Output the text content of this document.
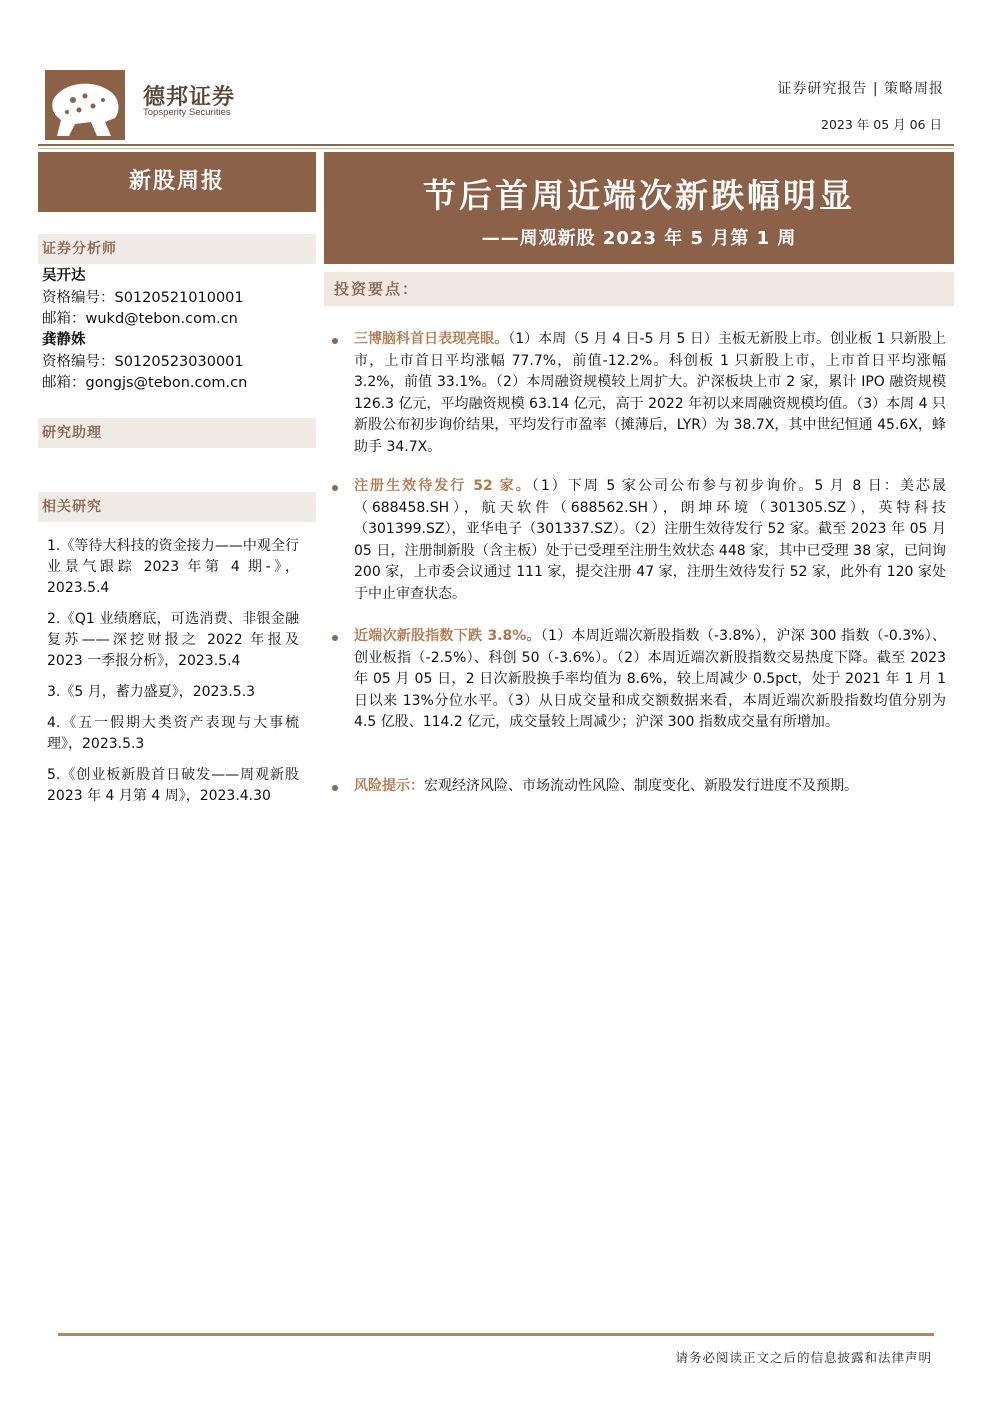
德邦证券
Topsperity Securities
证券研究报告 | 策略周报
2023 年 05 月 06 日
新股周报
证券分析师
吴开达
资格编号：S0120521010001
邮箱：wukd@tebon.com.cn
龚静姝
资格编号：S0120523030001
邮箱：gongjs@tebon.com.cn
研究助理
相关研究

1.《等待大科技的资金接力——中观全行业景气跟踪 2023 年第 4 期-》，2023.5.4

2.《Q1 业绩磨底，可选消费、非银金融复苏——深挖财报之 2022 年报及 2023 一季报分析》，2023.5.4

3.《5 月，蓄力盛夏》，2023.5.3

4.《五一假期大类资产表现与大事梳理》，2023.5.3

5.《创业板新股首日破发——周观新股 2023 年 4 月第 4 周》，2023.4.30

节后首周近端次新跌幅明显
——周观新股 2023 年 5 月第 1 周
投资要点：
三博脑科首日表现亮眼。（1）本周（5 月 4 日-5 月 5 日）主板无新股上市。创业板 1 只新股上市，上市首日平均涨幅 77.7%，前值-12.2%。科创板 1 只新股上市，上市首日平均涨幅 3.2%，前值 33.1%。（2）本周融资规模较上周扩大。沪深板块上市 2 家，累计 IPO 融资规模 126.3 亿元，平均融资规模 63.14 亿元，高于 2022 年初以来周融资规模均值。（3）本周 4 只新股公布初步询价结果，平均发行市盈率（摊薄后，LYR）为 38.7X，其中世纪恒通 45.6X，蜂助手 34.7X。
注册生效待发行 52 家。（1）下周 5 家公司公布参与初步询价。5 月 8 日：美芯晟（688458.SH），航天软件（688562.SH），朗坤环境（301305.SZ），英特科技（301399.SZ），亚华电子（301337.SZ）。（2）注册生效待发行 52 家。截至 2023 年 05 月 05 日，注册制新股（含主板）处于已受理至注册生效状态 448 家，其中已受理 38 家，已问询 200 家，上市委会议通过 111 家，提交注册 47 家，注册生效待发行 52 家，此外有 120 家处于中止审查状态。
近端次新股指数下跌 3.8%。（1）本周近端次新股指数（-3.8%），沪深 300 指数（-0.3%）、创业板指（-2.5%）、科创 50（-3.6%）。（2）本周近端次新股指数交易热度下降。截至 2023 年 05 月 05 日，2 日次新股换手率均值为 8.6%，较上周减少 0.5pct，处于 2021 年 1 月 1 日以来 13%分位水平。（3）从日成交量和成交额数据来看，本周近端次新股指数均值分别为 4.5 亿股、114.2 亿元，成交量较上周减少；沪深 300 指数成交量有所增加。
风险提示：宏观经济风险、市场流动性风险、制度变化、新股发行进度不及预期。
请务必阅读正文之后的信息披露和法律声明
